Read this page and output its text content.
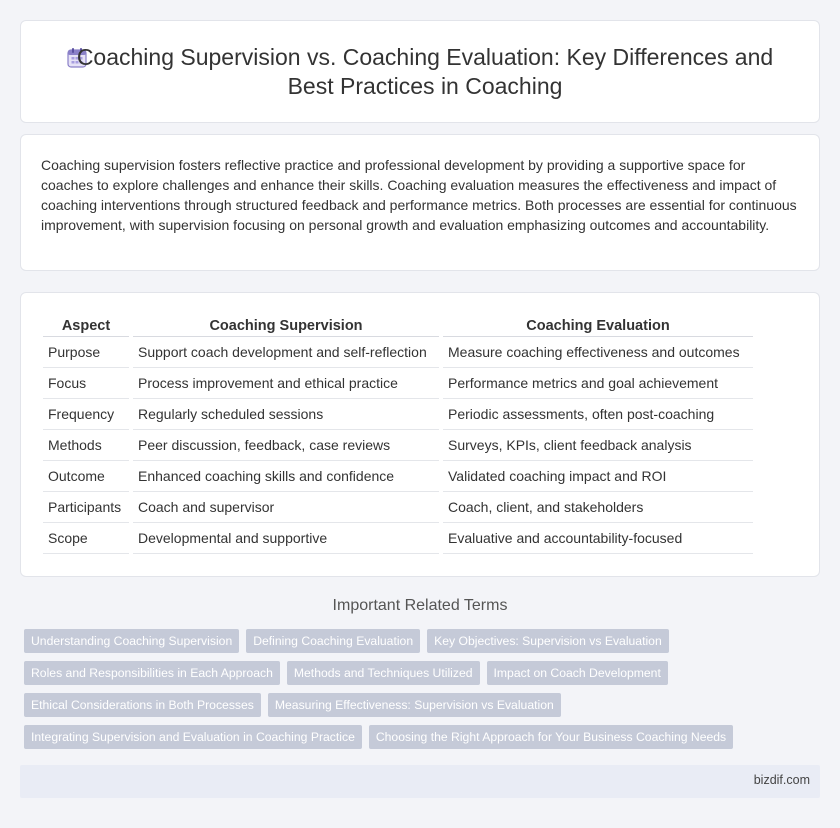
Coaching Supervision vs. Coaching Evaluation: Key Differences and Best Practices in Coaching

Coaching supervision fosters reflective practice and professional development by providing a supportive space for coaches to explore challenges and enhance their skills. Coaching evaluation measures the effectiveness and impact of coaching interventions through structured feedback and performance metrics. Both processes are essential for continuous improvement, with supervision focusing on personal growth and evaluation emphasizing outcomes and accountability.

Aspect		Coaching Supervision		Coaching Evaluation
Purpose		Support coach development and self-reflection		Measure coaching effectiveness and outcomes
Focus		Process improvement and ethical practice		Performance metrics and goal achievement
Frequency		Regularly scheduled sessions		Periodic assessments, often post-coaching
Methods		Peer discussion, feedback, case reviews		Surveys, KPIs, client feedback analysis
Outcome		Enhanced coaching skills and confidence		Validated coaching impact and ROI
Participants		Coach and supervisor		Coach, client, and stakeholders
Scope		Developmental and supportive		Evaluative and accountability-focused
Important Related Terms
Understanding Coaching Supervision	Defining Coaching Evaluation	Key Objectives: Supervision vs Evaluation
Roles and Responsibilities in Each Approach	Methods and Techniques Utilized	Impact on Coach Development
Ethical Considerations in Both Processes	Measuring Effectiveness: Supervision vs Evaluation
Integrating Supervision and Evaluation in Coaching Practice	Choosing the Right Approach for Your Business Coaching Needs
bizdif.com
